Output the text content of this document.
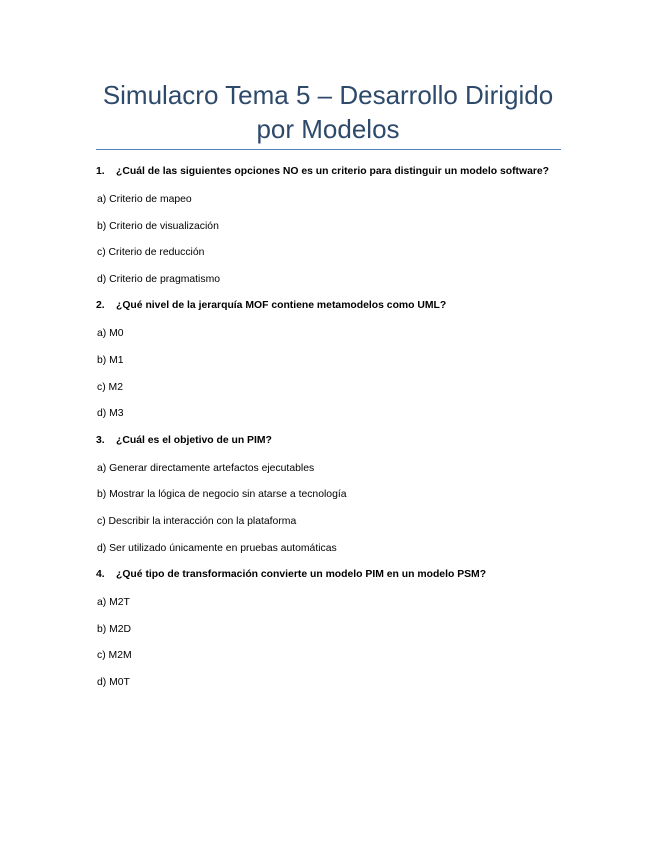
Simulacro Tema 5 – Desarrollo Dirigido por Modelos
1.	¿Cuál de las siguientes opciones NO es un criterio para distinguir un modelo software?

a) Criterio de mapeo

b) Criterio de visualización

c) Criterio de reducción

d) Criterio de pragmatismo

2.	¿Qué nivel de la jerarquía MOF contiene metamodelos como UML?

a) M0

b) M1

c) M2

d) M3

3.	¿Cuál es el objetivo de un PIM?

a) Generar directamente artefactos ejecutables

b) Mostrar la lógica de negocio sin atarse a tecnología

c) Describir la interacción con la plataforma

d) Ser utilizado únicamente en pruebas automáticas

4.	¿Qué tipo de transformación convierte un modelo PIM en un modelo PSM?

a) M2T

b) M2D

c) M2M

d) M0T
